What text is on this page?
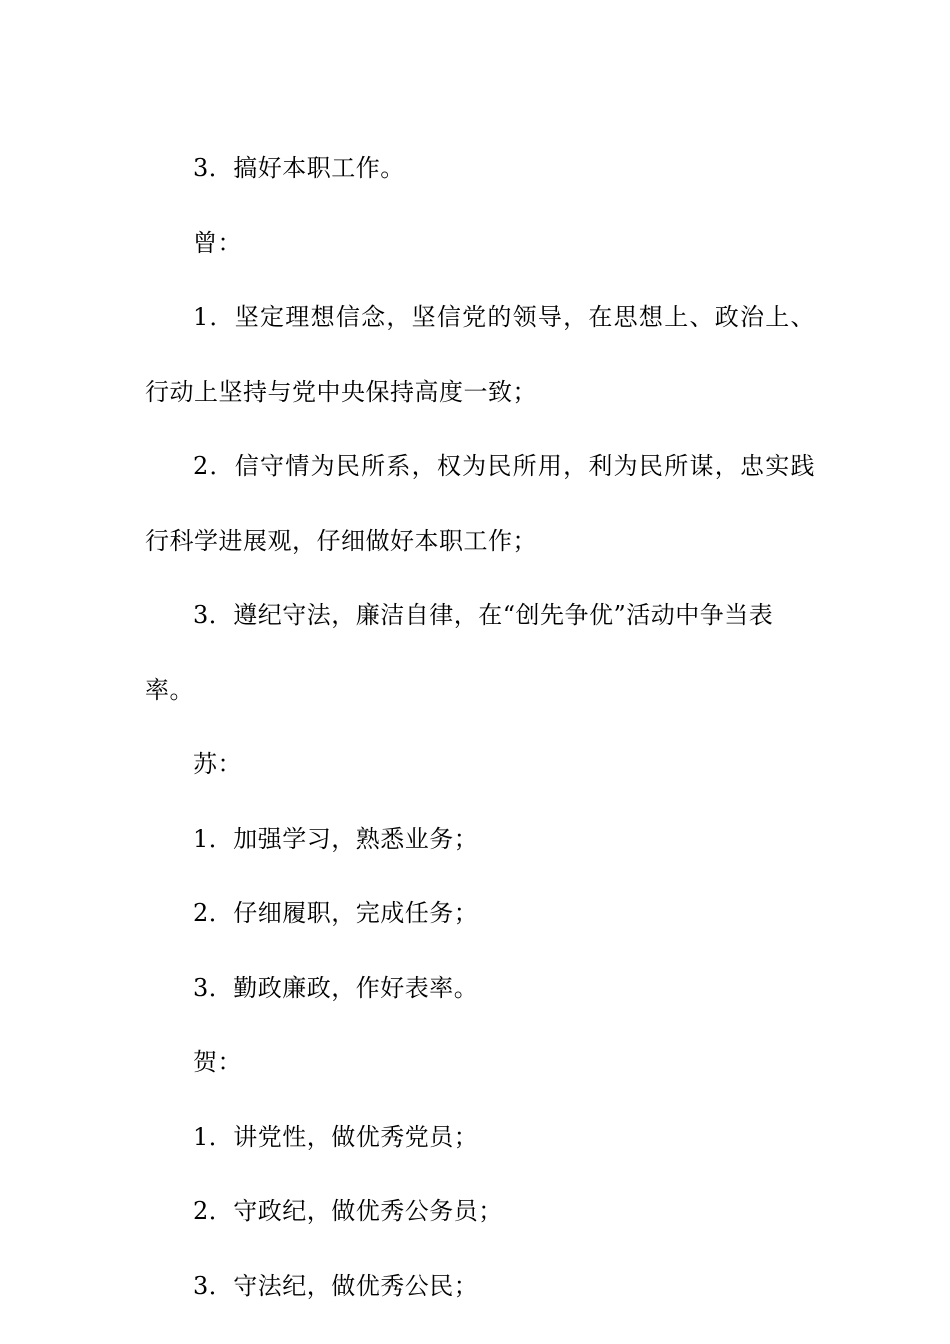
3．搞好本职工作。

曾：

1．坚定理想信念，坚信党的领导，在思想上、政治上、行动上坚持与党中央保持高度一致；

2．信守情为民所系，权为民所用，利为民所谋，忠实践行科学进展观，仔细做好本职工作；

3．遵纪守法，廉洁自律，在“创先争优”活动中争当表率。

苏：

1．加强学习，熟悉业务；

2．仔细履职，完成任务；

3．勤政廉政，作好表率。

贺：

1．讲党性，做优秀党员；

2．守政纪，做优秀公务员；

3．守法纪，做优秀公民；
